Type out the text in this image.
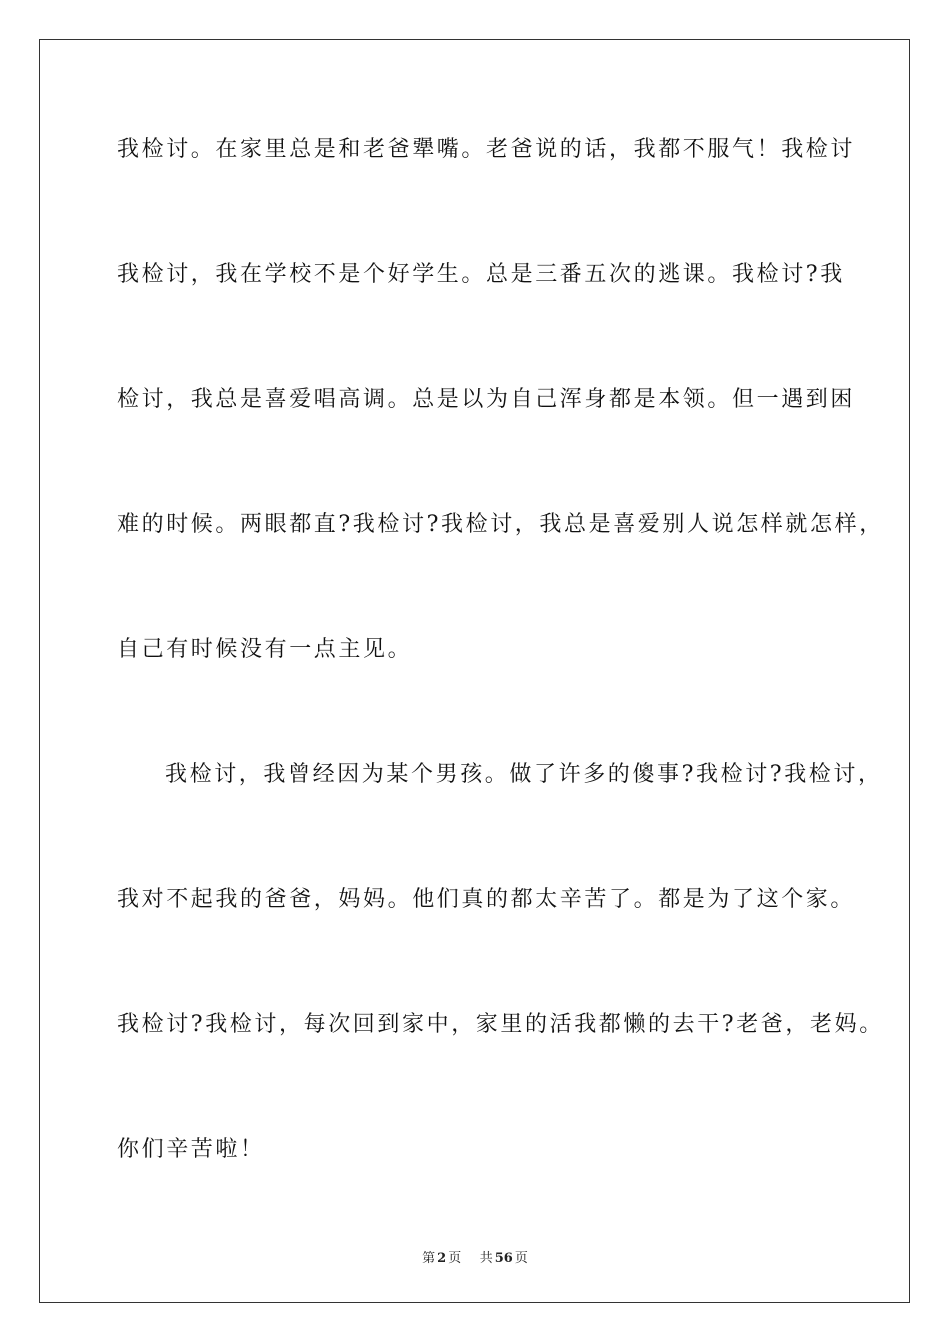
我检讨。在家里总是和老爸犟嘴。老爸说的话，我都不服气！我检讨
我检讨，我在学校不是个好学生。总是三番五次的逃课。我检讨?我
检讨，我总是喜爱唱高调。总是以为自己浑身都是本领。但一遇到困
难的时候。两眼都直?我检讨?我检讨，我总是喜爱别人说怎样就怎样，
自己有时候没有一点主见。
我检讨，我曾经因为某个男孩。做了许多的傻事?我检讨?我检讨，
我对不起我的爸爸，妈妈。他们真的都太辛苦了。都是为了这个家。
我检讨?我检讨，每次回到家中，家里的活我都懒的去干?老爸，老妈。
你们辛苦啦！
第 2 页 共 56 页
